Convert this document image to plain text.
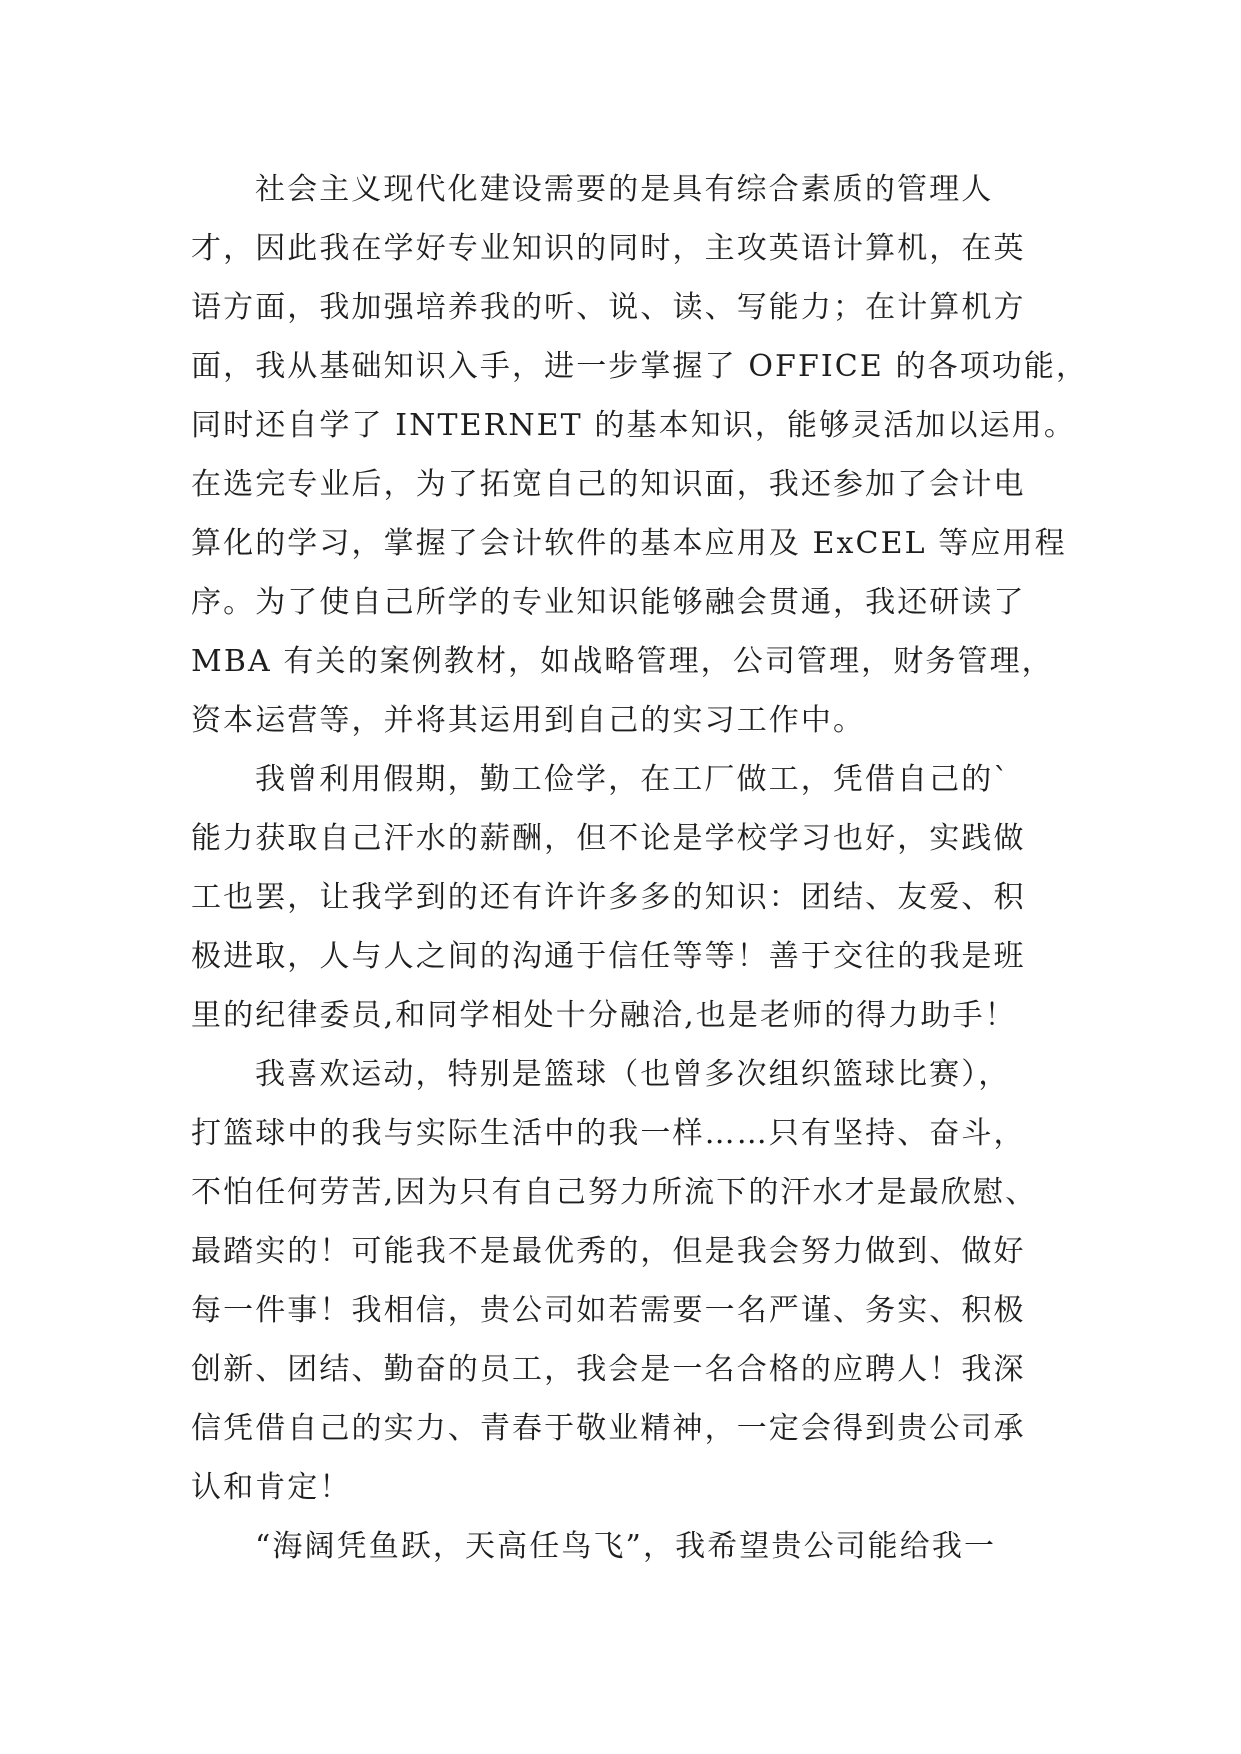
社会主义现代化建设需要的是具有综合素质的管理人
才，因此我在学好专业知识的同时，主攻英语计算机，在英
语方面，我加强培养我的听、说、读、写能力；在计算机方
面，我从基础知识入手，进一步掌握了 OFFICE 的各项功能，
同时还自学了 INTERNET 的基本知识，能够灵活加以运用。
在选完专业后，为了拓宽自己的知识面，我还参加了会计电
算化的学习，掌握了会计软件的基本应用及 ExCEL 等应用程
序。为了使自己所学的专业知识能够融会贯通，我还研读了
MBA 有关的案例教材，如战略管理，公司管理，财务管理，
资本运营等，并将其运用到自己的实习工作中。
我曾利用假期，勤工俭学，在工厂做工，凭借自己的`
能力获取自己汗水的薪酬，但不论是学校学习也好，实践做
工也罢，让我学到的还有许许多多的知识：团结、友爱、积
极进取，人与人之间的沟通于信任等等！善于交往的我是班
里的纪律委员,和同学相处十分融洽,也是老师的得力助手！
我喜欢运动，特别是篮球（也曾多次组织篮球比赛），
打篮球中的我与实际生活中的我一样……只有坚持、奋斗，
不怕任何劳苦,因为只有自己努力所流下的汗水才是最欣慰、
最踏实的！可能我不是最优秀的，但是我会努力做到、做好
每一件事！我相信，贵公司如若需要一名严谨、务实、积极
创新、团结、勤奋的员工，我会是一名合格的应聘人！我深
信凭借自己的实力、青春于敬业精神，一定会得到贵公司承
认和肯定！
“海阔凭鱼跃，天高任鸟飞”，我希望贵公司能给我一
